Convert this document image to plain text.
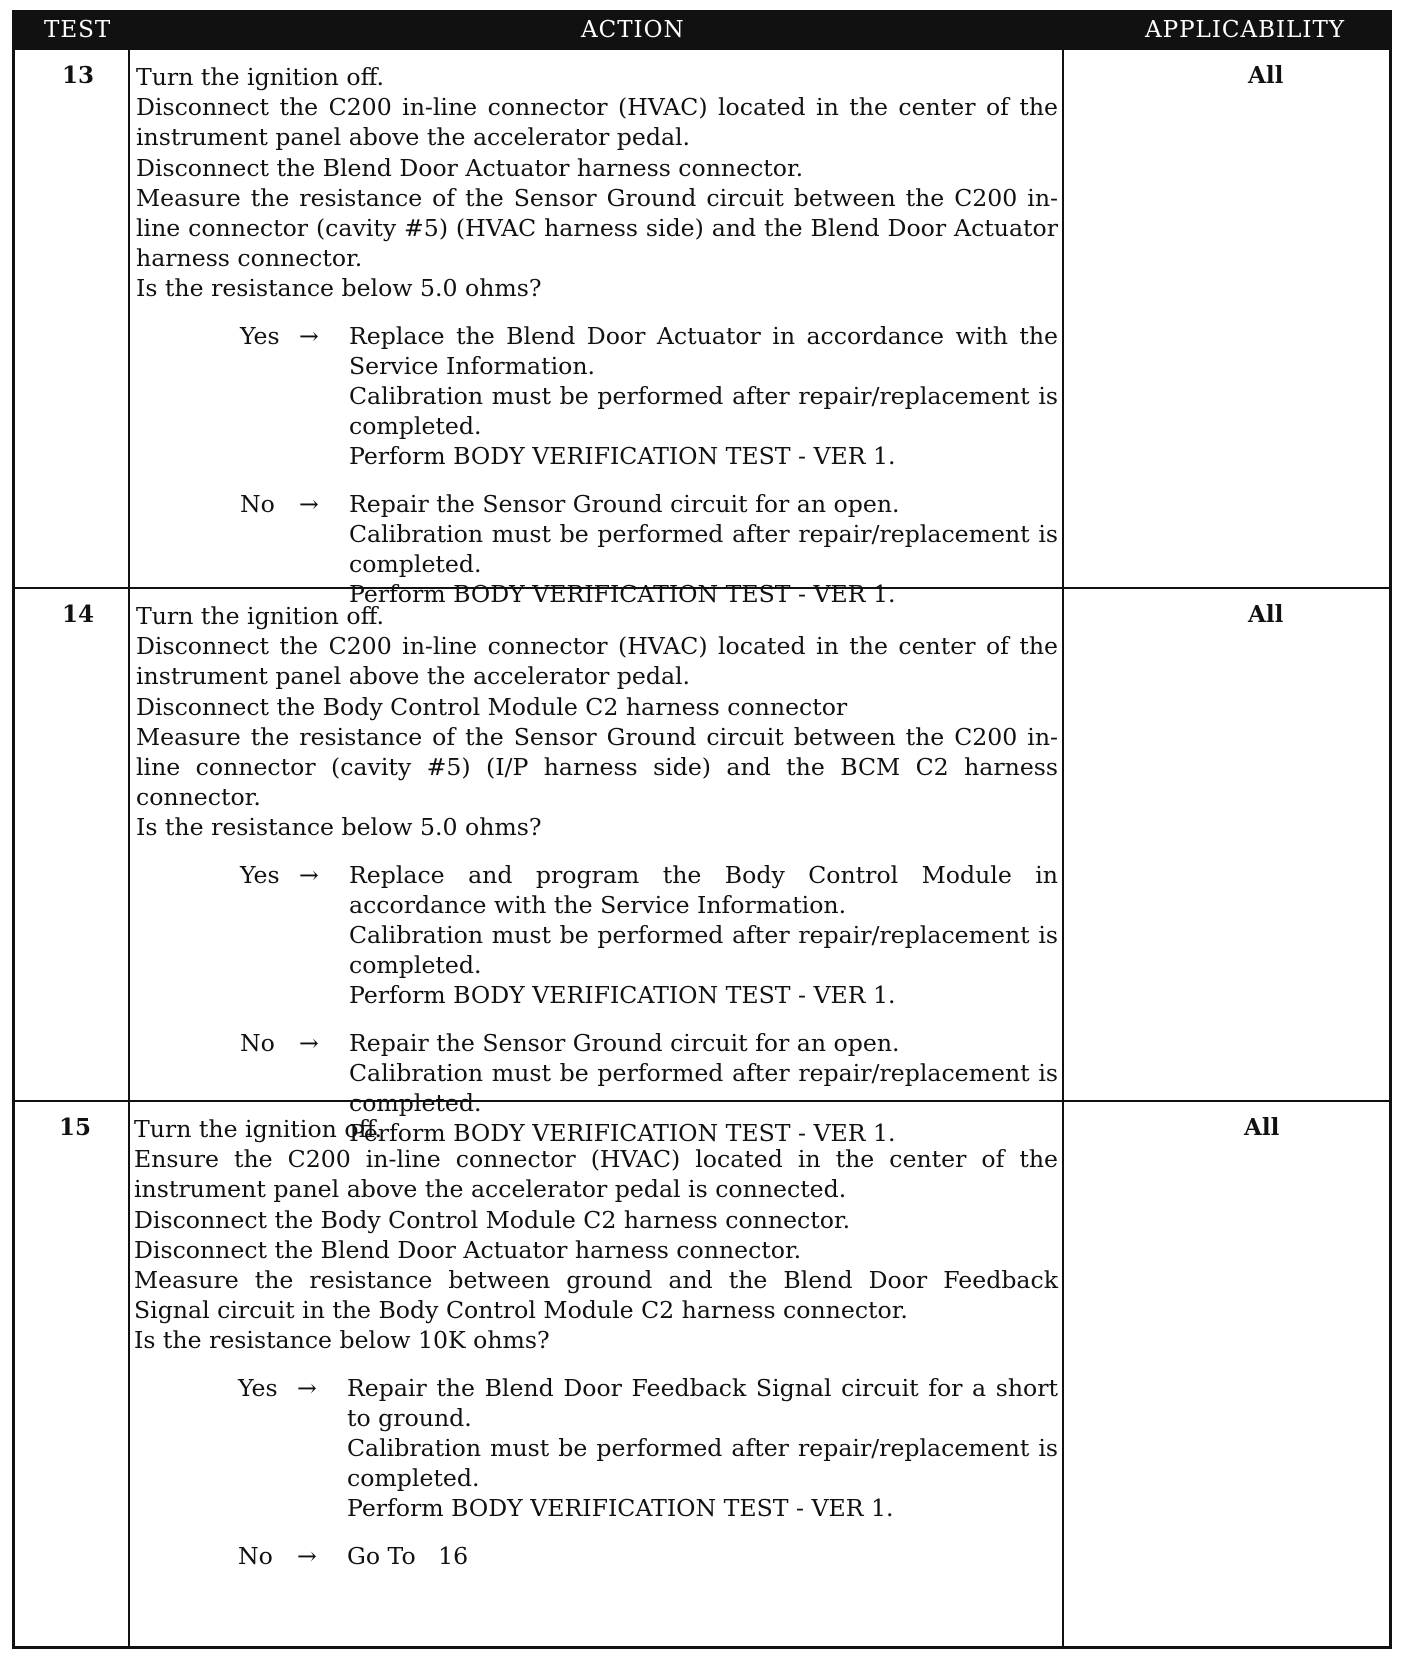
TEST	ACTION	APPLICABILITY
13 Turn the ignition off.
Disconnect the C200 in-line connector (HVAC) located in the center of the instrument panel above the accelerator pedal.
Disconnect the Blend Door Actuator harness connector.
Measure the resistance of the Sensor Ground circuit between the C200 in-line connector (cavity #5) (HVAC harness side) and the Blend Door Actuator harness connector.
Is the resistance below 5.0 ohms?
Yes → Replace the Blend Door Actuator in accordance with the Service Information.
Calibration must be performed after repair/replacement is completed.
Perform BODY VERIFICATION TEST - VER 1.
No → Repair the Sensor Ground circuit for an open.
Calibration must be performed after repair/replacement is completed.
Perform BODY VERIFICATION TEST - VER 1.
All
14 Turn the ignition off.
Disconnect the C200 in-line connector (HVAC) located in the center of the instrument panel above the accelerator pedal.
Disconnect the Body Control Module C2 harness connector
Measure the resistance of the Sensor Ground circuit between the C200 in-line connector (cavity #5) (I/P harness side) and the BCM C2 harness connector.
Is the resistance below 5.0 ohms?
Yes → Replace and program the Body Control Module in accordance with the Service Information.
Calibration must be performed after repair/replacement is completed.
Perform BODY VERIFICATION TEST - VER 1.
No → Repair the Sensor Ground circuit for an open.
Calibration must be performed after repair/replacement is completed.
Perform BODY VERIFICATION TEST - VER 1.
All
15 Turn the ignition off.
Ensure the C200 in-line connector (HVAC) located in the center of the instrument panel above the accelerator pedal is connected.
Disconnect the Body Control Module C2 harness connector.
Disconnect the Blend Door Actuator harness connector.
Measure the resistance between ground and the Blend Door Feedback Signal circuit in the Body Control Module C2 harness connector.
Is the resistance below 10K ohms?
Yes → Repair the Blend Door Feedback Signal circuit for a short to ground.
Calibration must be performed after repair/replacement is completed.
Perform BODY VERIFICATION TEST - VER 1.
No → Go To   16
All
